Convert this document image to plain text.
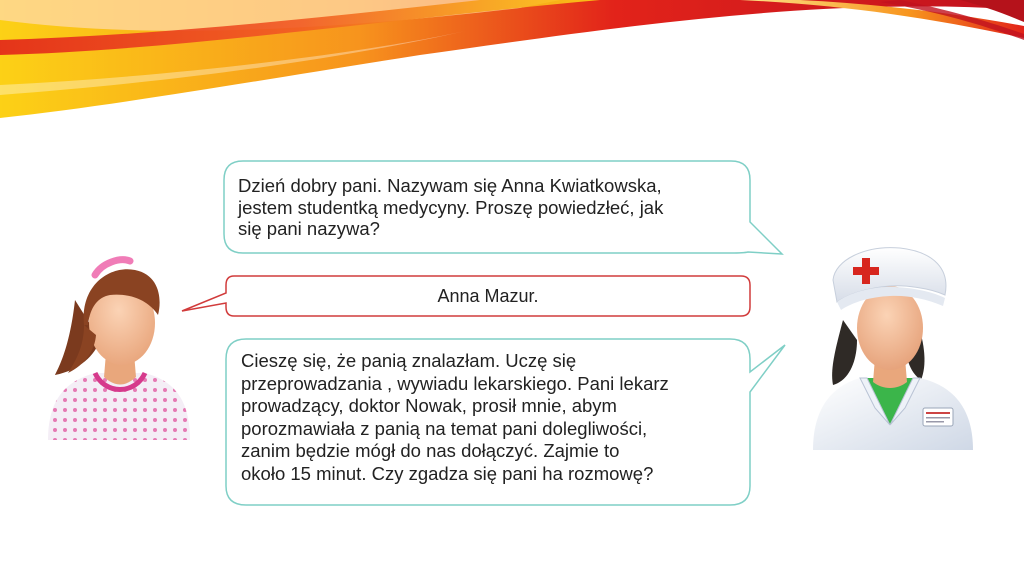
Dzień dobry pani. Nazywam się Anna Kwiatkowska,
jestem studentką medycyny. Proszę powiedzłeć, jak
się pani nazywa?
Anna Mazur.
Cieszę się, że panią znalazłam. Uczę się
przeprowadzania , wywiadu lekarskiego. Pani lekarz
prowadzący, doktor Nowak, prosił mnie, abym
porozmawiała z panią na temat pani dolegliwości,
zanim będzie mógł do nas dołączyć. Zajmie to
około 15 minut. Czy zgadza się pani ha rozmowę?
